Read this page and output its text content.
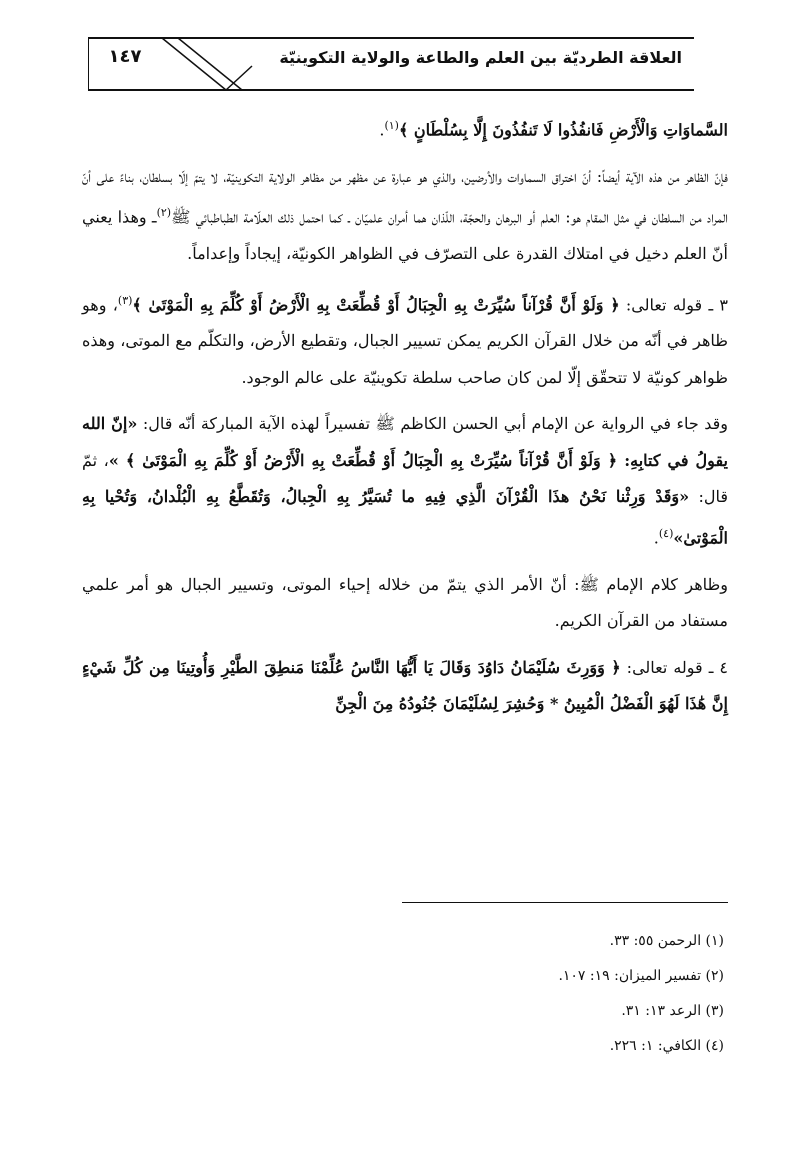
١٤٧	العلاقة الطرديّة بين العلم والطاعة والولاية التكوينيّة

السَّماوَاتِ وَالْأَرْضِ فَانفُذُوا لَا تَنفُذُونَ إِلَّا بِسُلْطَانٍ ﴾$^{(١)}$.

فإنّ الظاهر من هذه الآية أيضاً: أنّ اختراق السماوات والأرضين، والذي هو عبارة عن مظهر من مظاهر الولاية التكوينيّة، لا يتمّ إلّا بسلطان، بناءً على أنّ المراد من السلطان في مثل المقام هو: العلم أو البرهان والحجّة، اللّذان هما أمران علميّان ـ كما احتمل ذلك العلّامة الطباطبائي ﷺ$^{(٢)}$ـ وهذا يعني أنّ العلم دخيل في امتلاك القدرة على التصرّف في الظواهر الكونيّة، إيجاداً وإعداماً.

٣ ـ قوله تعالى: ﴿ وَلَوْ أَنَّ قُرْآناً سُيِّرَتْ بِهِ الْجِبَالُ أَوْ قُطِّعَتْ بِهِ الْأَرْضُ أَوْ كُلِّمَ بِهِ الْمَوْتَىٰ ﴾$^{(٣)}$، وهو ظاهر في أنّه من خلال القرآن الكريم يمكن تسيير الجبال، وتقطيع الأرض، والتكلّم مع الموتى، وهذه ظواهر كونيّة لا تتحقّق إلّا لمن كان صاحب سلطة تكوينيّة على عالم الوجود.

وقد جاء في الرواية عن الإمام أبي الحسن الكاظم ﷺ تفسيراً لهذه الآية المباركة أنّه قال: «إنّ الله يقولُ في كتابِهِ: ﴿ وَلَوْ أَنَّ قُرْآناً سُيِّرَتْ بِهِ الْجِبَالُ أَوْ قُطِّعَتْ بِهِ الْأَرْضُ أَوْ كُلِّمَ بِهِ الْمَوْتَىٰ ﴾ »، ثمّ قال: «وَقَدْ وَرِثْنا نَحْنُ هذَا الْقُرْآنَ الَّذِي فِيهِ ما تُسَيَّرُ بِهِ الْجِبالُ، وَتُقَطَّعُ بِهِ الْبُلْدانُ، وَتُحْيا بِهِ الْمَوْتىٰ»$^{(٤)}$.

وظاهر كلام الإمام ﷺ: أنّ الأمر الذي يتمّ من خلاله إحياء الموتى، وتسيير الجبال هو أمر علمي مستفاد من القرآن الكريم.

٤ ـ قوله تعالى: ﴿ وَوَرِثَ سُلَيْمَانُ دَاوُدَ وَقَالَ يَا أَيُّهَا النَّاسُ عُلِّمْنَا مَنطِقَ الطَّيْرِ وَأُوتِينَا مِن كُلِّ شَيْءٍ إِنَّ هَٰذَا لَهُوَ الْفَضْلُ الْمُبِينُ * وَحُشِرَ لِسُلَيْمَانَ جُنُودُهُ مِنَ الْجِنِّ

(١) الرحمن ٥٥: ٣٣.
(٢) تفسير الميزان: ١٩: ١٠٧.
(٣) الرعد ١٣: ٣١.
(٤) الكافي: ١: ٢٢٦.
